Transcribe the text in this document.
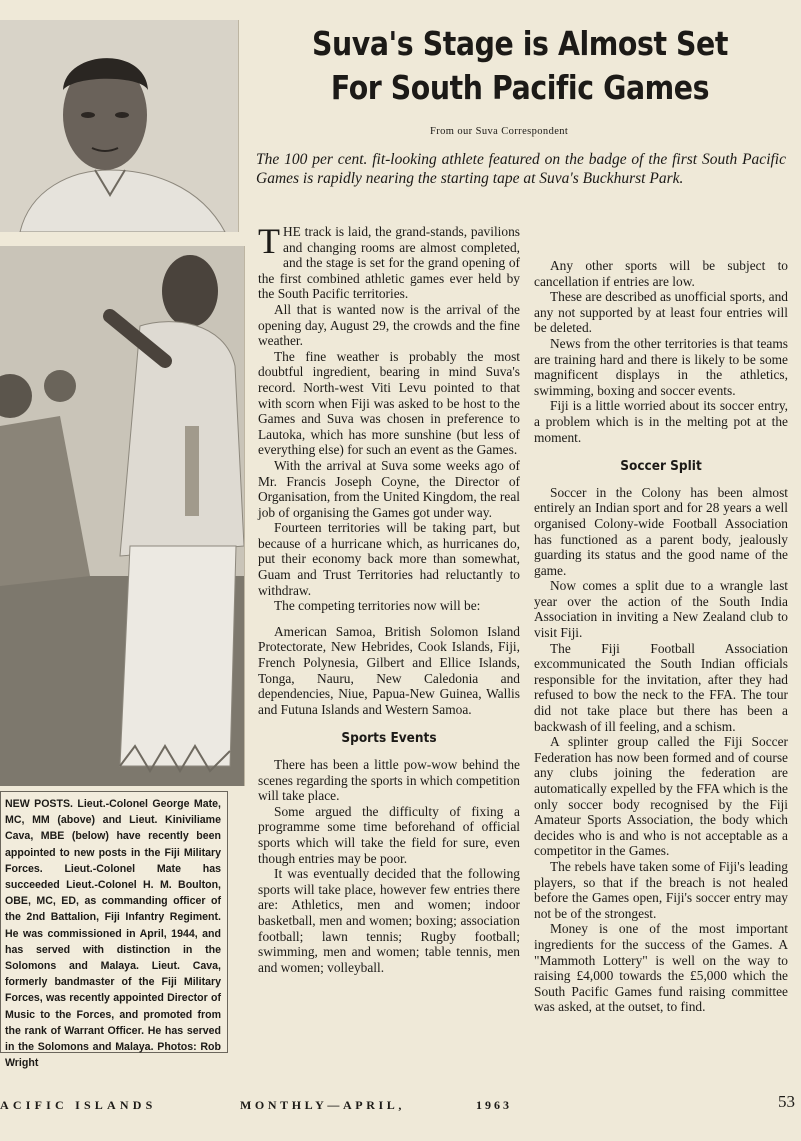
NEW POSTS. Lieut.-Colonel George Mate, MC, MM (above) and Lieut. Kiniviliame Cava, MBE (below) have recently been appointed to new posts in the Fiji Military Forces. Lieut.-Colonel Mate has succeeded Lieut.-Colonel H. M. Boulton, OBE, MC, ED, as commanding officer of the 2nd Battalion, Fiji Infantry Regiment. He was commissioned in April, 1944, and has served with distinction in the Solomons and Malaya. Lieut. Cava, formerly bandmaster of the Fiji Military Forces, was recently appointed Director of Music to the Forces, and promoted from the rank of Warrant Officer. He has served in the Solomons and Malaya. Photos: Rob Wright
Suva's Stage is Almost Set
For South Pacific Games
From our Suva Correspondent
The 100 per cent. fit-looking athlete featured on the badge of the first South Pacific Games is rapidly nearing the starting tape at Suva's Buckhurst Park.

THE track is laid, the grand-stands, pavilions and changing rooms are almost completed, and the stage is set for the grand opening of the first combined athletic games ever held by the South Pacific territories.

All that is wanted now is the arrival of the opening day, August 29, the crowds and the fine weather.

The fine weather is probably the most doubtful ingredient, bearing in mind Suva's record. North-west Viti Levu pointed to that with scorn when Fiji was asked to be host to the Games and Suva was chosen in preference to Lautoka, which has more sunshine (but less of everything else) for such an event as the Games.

With the arrival at Suva some weeks ago of Mr. Francis Joseph Coyne, the Director of Organisation, from the United Kingdom, the real job of organising the Games got under way.

Fourteen territories will be taking part, but because of a hurricane which, as hurricanes do, put their economy back more than somewhat, Guam and Trust Territories had reluctantly to withdraw.

The competing territories now will be:

American Samoa, British Solomon Island Protectorate, New Hebrides, Cook Islands, Fiji, French Polynesia, Gilbert and Ellice Islands, Tonga, Nauru, New Caledonia and dependencies, Niue, Papua-New Guinea, Wallis and Futuna Islands and Western Samoa.

Sports Events

There has been a little pow-wow behind the scenes regarding the sports in which competition will take place.

Some argued the difficulty of fixing a programme some time beforehand of official sports which will take the field for sure, even though entries may be poor.

It was eventually decided that the following sports will take place, however few entries there are: Athletics, men and women; indoor basketball, men and women; boxing; association football; lawn tennis; Rugby football; swimming, men and women; table tennis, men and women; volleyball.

Any other sports will be subject to cancellation if entries are low.

These are described as unofficial sports, and any not supported by at least four entries will be deleted.

News from the other territories is that teams are training hard and there is likely to be some magnificent displays in the athletics, swimming, boxing and soccer events.

Fiji is a little worried about its soccer entry, a problem which is in the melting pot at the moment.

Soccer Split

Soccer in the Colony has been almost entirely an Indian sport and for 28 years a well organised Colony-wide Football Association has functioned as a parent body, jealously guarding its status and the good name of the game.

Now comes a split due to a wrangle last year over the action of the South India Association in inviting a New Zealand club to visit Fiji.

The Fiji Football Association excommunicated the South Indian officials responsible for the invitation, after they had refused to bow the neck to the FFA. The tour did not take place but there has been a backwash of ill feeling, and a schism.

A splinter group called the Fiji Soccer Federation has now been formed and of course any clubs joining the federation are automatically expelled by the FFA which is the only soccer body recognised by the Fiji Amateur Sports Association, the body which decides who is and who is not acceptable as a competitor in the Games.

The rebels have taken some of Fiji's leading players, so that if the breach is not healed before the Games open, Fiji's soccer entry may not be of the strongest.

Money is one of the most important ingredients for the success of the Games. A "Mammoth Lottery" is well on the way to raising £4,000 towards the £5,000 which the South Pacific Games fund raising committee was asked, at the outset, to find.

ACIFIC ISLANDS	MONTHLY—APRIL,	1963	53
